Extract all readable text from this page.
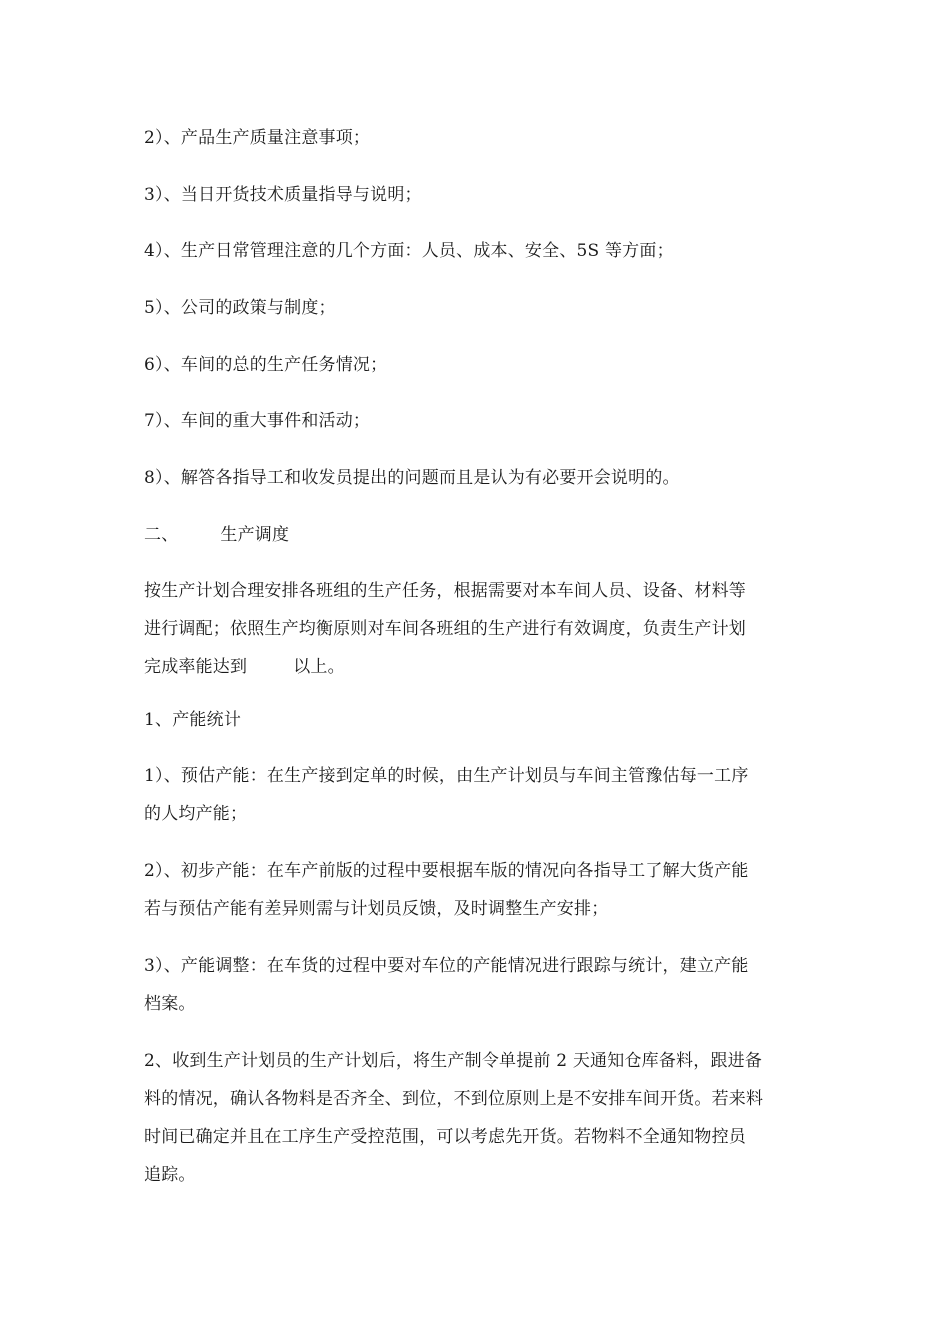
2）、产品生产质量注意事项；
3）、当日开货技术质量指导与说明；
4）、生产日常管理注意的几个方面：人员、成本、安全、5S 等方面；
5）、公司的政策与制度；
6）、车间的总的生产任务情况；
7）、车间的重大事件和活动；
8）、解答各指导工和收发员提出的问题而且是认为有必要开会说明的。
二、 生产调度
按生产计划合理安排各班组的生产任务，根据需要对本车间人员、设备、材料等
进行调配；依照生产均衡原则对车间各班组的生产进行有效调度，负责生产计划
完成率能达到	以上。
1、产能统计
1）、预估产能：在生产接到定单的时候，由生产计划员与车间主管豫估每一工序
的人均产能；
2）、初步产能：在车产前版的过程中要根据车版的情况向各指导工了解大货产能
若与预估产能有差异则需与计划员反馈，及时调整生产安排；
3）、产能调整：在车货的过程中要对车位的产能情况进行跟踪与统计，建立产能
档案。
2、收到生产计划员的生产计划后，将生产制令单提前 2 天通知仓库备料，跟进备
料的情况，确认各物料是否齐全、到位，不到位原则上是不安排车间开货。若来料
时间已确定并且在工序生产受控范围，可以考虑先开货。若物料不全通知物控员
追踪。
